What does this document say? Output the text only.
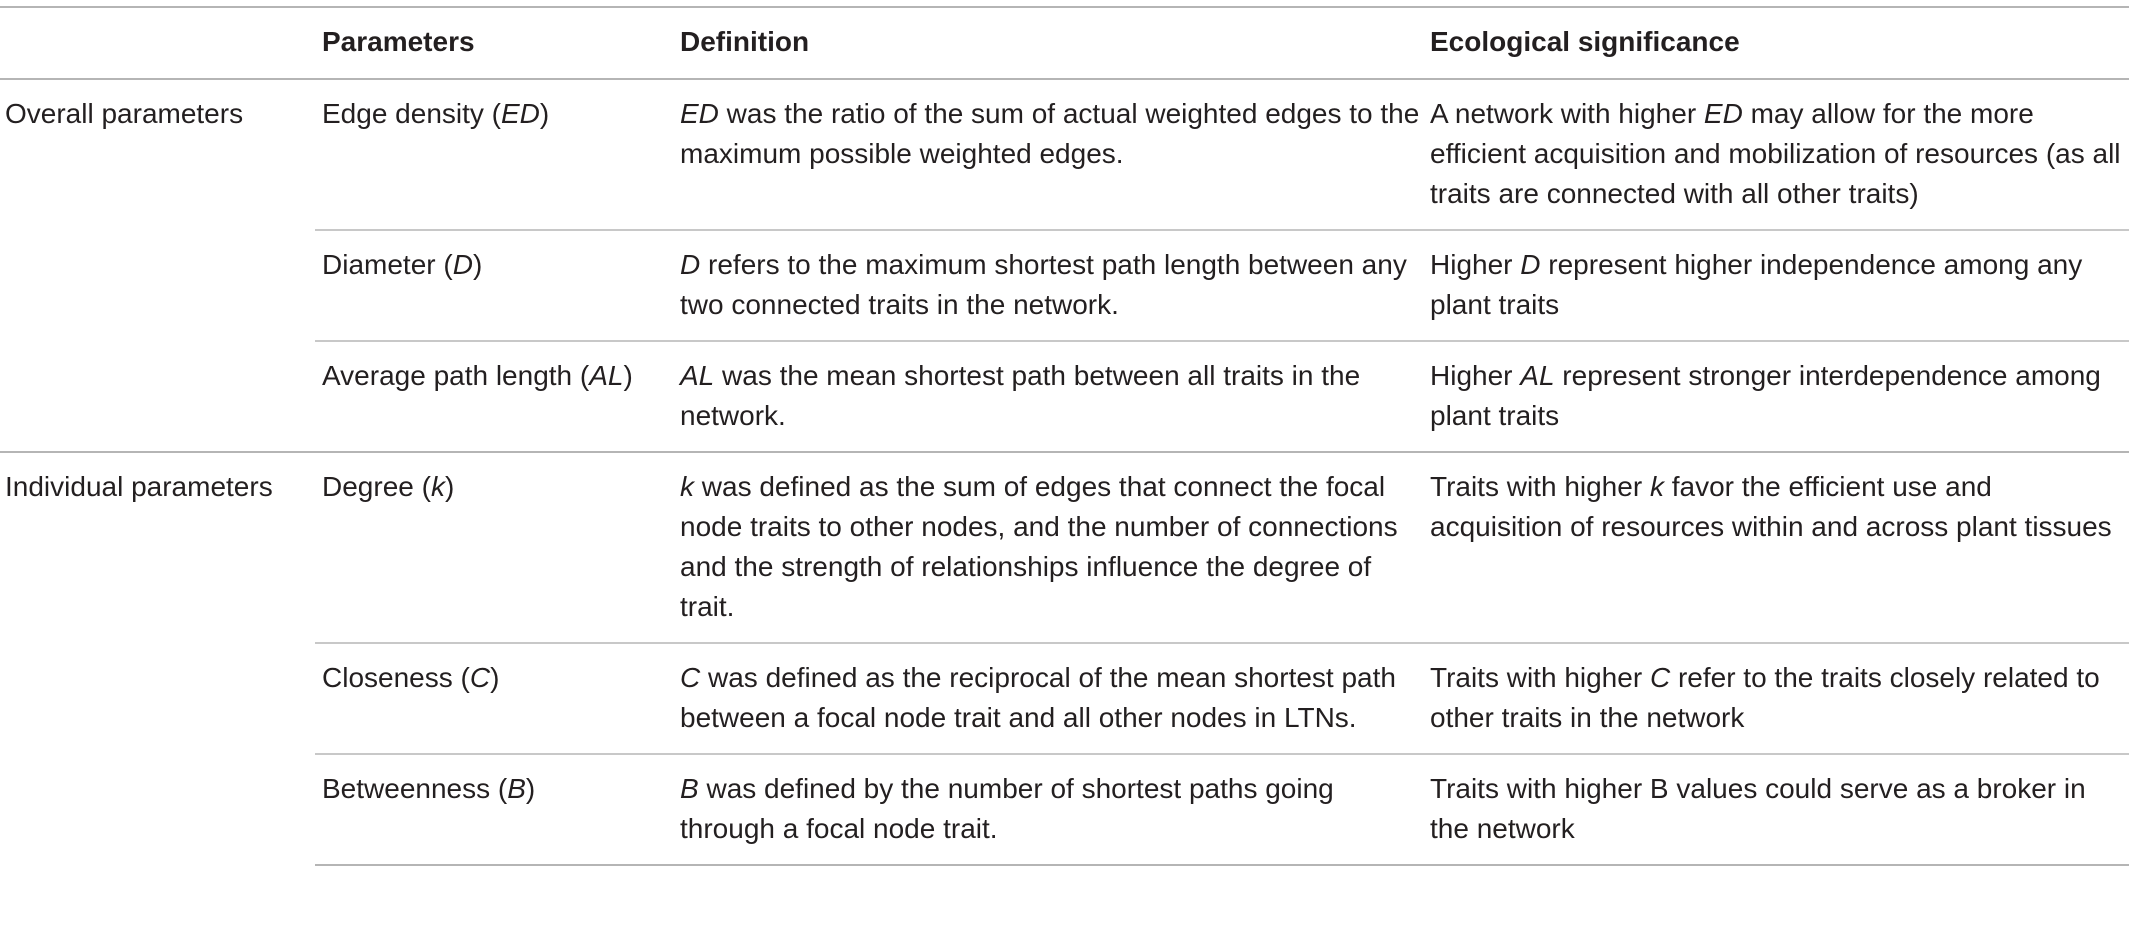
	Parameters	Definition	Ecological significance
Overall parameters	Edge density (ED)	ED was the ratio of the sum of actual weighted edges to the maximum possible weighted edges.	A network with higher ED may allow for the more efficient acquisition and mobilization of resources (as all traits are connected with all other traits)

	Diameter (D)	D refers to the maximum shortest path length between any two connected traits in the network.	Higher D represent higher independence among any plant traits

	Average path length (AL)	AL was the mean shortest path between all traits in the network.	Higher AL represent stronger interdependence among plant traits

Individual parameters	Degree (k)	k was defined as the sum of edges that connect the focal node traits to other nodes, and the number of connections and the strength of relationships influence the degree of trait.	Traits with higher k favor the efficient use and acquisition of resources within and across plant tissues

	Closeness (C)	C was defined as the reciprocal of the mean shortest path between a focal node trait and all other nodes in LTNs.	Traits with higher C refer to the traits closely related to other traits in the network

	Betweenness (B)	B was defined by the number of shortest paths going through a focal node trait.	Traits with higher B values could serve as a broker in the network
